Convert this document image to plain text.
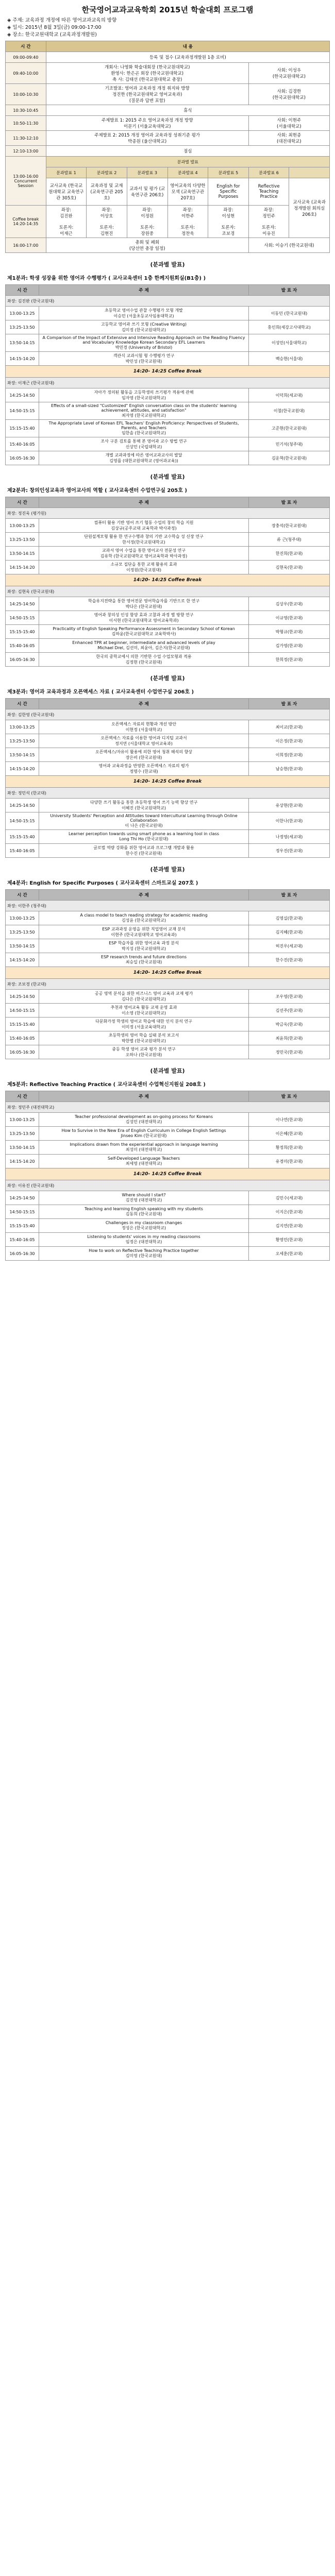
한국영어교과교육학회 2015년 학술대회 프로그램
◈ 주제: 교육과정 개정에 따른 영어교과교육의 방향
◈ 일시: 2015년 8월 3일(금) 09:00-17:00
◈ 장소: 한국교원대학교 (교육과정개발원)
시 간	내 용						
09:00-09:40	등록 및 접수 (교육과정개발원 1층 로비)						
09:40-10:00	개회사: 나영화 학술대회장 (한국교원대학교)
환영사: 한은곤 회장 (한국교원대학교)
축 사: 김태선 (한국교원대학교 총장)					사회: 이성우
(한국교원대학교)	
10:00-10:30	기조발표: 영어과 교육과정 개정 취지와 방향
정진한 (한국교원대학교 영어교육과)
(질문과 답변 포함)					사회: 김경한
(한국교원대학교)	
10:30-10:45	휴식						
10:50-11:30	주제발표 1: 2015 주요 영어교육과정 개정 방향
이문기 (서울교육대학교)					사회: 이현주
(서울대학교)	
11:30-12:10	주제발표 2: 2015 개정 영어과 교육과정 성취기준 평가
박종원 (울산대학교)					사회: 최현종
(대전대학교)	
12:10-13:00	점심						
13:00-16:00
Concurrent
Session	분과별 발표						
	분과발표 1	분과발표 2	분과발표 3	분과발표 4	분과발표 5	분과발표 6	
	교사교육 (한국교원대학교 교육연구관 305호)	교육과정 및 교재 (교육연구관 205호)	교과서 및 평가 (교육연구관 206호)	영어교육의 다양한 모색 (교육연구관 207호)	English for Specific Purposes	Reflective Teaching Practice	교사교육 (교육과정개발원 회의실 206호)
Coffee break
14:20-14:35	좌장:
김진완

토론자:
이재근	좌장:
이상호

토론자:
김현진	좌장:
이정원

토론자:
장원중	좌장:
이한주

토론자:
정찬욱	좌장:
이성현

토론자:
조보경	좌장:
정민주

토론자:
이유진	
16:00-17:00	총회 및 폐회
(당선연 총장 일정)					사회: 이승기 (한국교원대)	
(분과별 발표)
제1분과: 학생 성장을 위한 영어과 수행평가 ( 교사교육센터 1층 한께지원회실(B1층) )
시 간	주 제	발 표 자
좌장: 김진완 (한국교원대)		
13:00-13:25	초등학교 영어수업 관찰 수행평가 모형 개발
이승민 (서울초등교사임용대학교)	이동민 (한국교원대)
13:25-13:50	고등학교 영어과 쓰기 모형 (Creative Writing)
김미정 (한국교원대학교)	홍인희(세강고사대학교)
13:50-14:15	A Comparison of the Impact of Extensive and Intensive Reading Approach on the Reading Fluency and Vocabulary Knowledge Korean Secondary EFL Learners
박민경 (University of Bristol)	이성민(서울대학교)
14:15-14:20	객관식 교과시험 형 수행평가 연구
박민성 (한국교원대)	백승현(서울대)
14:20- 14:25 Coffee Break		
좌장: 이재근 (한국교원대)		
14:25-14:50	자아가 정의된 활동을 고등학생의 쓰기평가 적용에 관해
임자영 (한국교원대학교)	이덕희(세교대)
14:50-15:15	Effects of a small-sized "Customized" English conversation class on the students' learning achievement, attitudes, and satisfaction"
최자영 (한국교원대학교)	이철(한국교원대)
15:15-15:40	The Appropriate Level of Korean EFL Teachers' English Proficiency: Perspectives of Students, Parents, and Teachers
임한솔 (한국교원대학교)	고준현(한국교원대)
15:40-16:05	조사 구분 검토를 통해 본 영어과 교수 방법 연구
신상민 (국립대학교)	민기석(청주대)
16:05-16:30	개별 교과과정에 따른 영어교과교사의 발달
김영를 (대한교원대학교 (영어과교육))	김운혁(한국교원대)
(분과별 발표)
제2분과: 창의인성교육과 영어교사의 역할 ( 교사교육센터 수업연구실 205호 )
시 간	주 제	발 표 자
좌장: 정진욱 (평가원)		
13:00-13:25	컴퓨터 활용 기반 영어 쓰기 협동 수업의 창의 학습 지원
김상규(공주교대 교육학과 박사과정)	장충석(한국교원대)
13:25-13:50	단원설계모형 활용 한 연구수행과 창의 기반 교수학습 성 신장 연구
한서정(한국교원대학교)	류 근(청주대)
13:50-14:15	교과서 영어 수업을 통한 영어교사 전문성 연구
김유학 (한국교원대학교 영어교육학과 박사과정)	한진희(한교대)
14:15-14:20	소규모 집단을 통한 교재 활용의 효과
이정원(한국교원대)	김현욱(한교대)
14:20- 14:25 Coffee Break		
좌장: 김현욱 (한국교원대)		
14:25-14:50	학습유지전략을 통한 영어전문 영어학습자를 기반으로 한 연구
박다은 (한국교원대)	김상우(한교대)
14:50-15:15	영어과 창의성 인성 함양 효과 고찰과 과정 별 방향 연구
이서현 (한국교원대학교 영어교육학과)	이규영(한교대)
15:15-15:40	Practicality of English Speaking Performance Assessment in Secondary School of Korean
김하윤(한국교원대학교 교육학박사)	박형규(한교대)
15:40-16:05	Enhanced TPR at beginner, intermediate and advanced levels of play
Michael Drel, 김선미, 최윤아, 김은지(한국교원대)	김가영(한교대)
16:05-16:30	한국의 중학교에서 의한 기반한 수업 수업모형과 적용
김정현 (한국교원대)	한희정(한교대)
(분과별 발표)
제3분과: 영어과 교육과정과 오픈액세스 자료 ( 교사교육센터 수업연구실 206호 )
시 간	주 제	발 표 자
좌장: 김한영 (한국교원대)		
13:00-13:25	오픈액세스 자료의 현황과 개선 방안
이현정 (서울대학교)	최이교(한교대)
13:25-13:50	오픈액세스 자료를 이용한 영어과 디지털 교과서
정지연 (서울대학교 영어교육과)	이은정(한교대)
13:50-14:15	오픈액세스/자유이 활용에 의한 영어 청취 해석의 향상
장은비 (한국교원대)	이희정(한교대)
14:15-14:20	영어과 교육과정을 반영한 오픈액세스 자료의 평가
정명수 (한교대)	남승현(한교대)
14:20- 14:25 Coffee Break		
좌장: 정민석 (한교대)		
14:25-14:50	다양한 쓰기 활동을 통한 초등학생 영어 쓰기 능력 향상 연구
이혜진 (한국교원대학교)	유상현(한교대)
14:50-15:15	University Students' Perception and Attitudes toward Intercultural Learning through Online Collaboration
이 나은 (한국교원대)	이한나(한교대)
15:15-15:40	Learner perception towards using smart phone as a learning tool in class
Long Thi Ho (한국교원대)	나정영(세교대)
15:40-16:05	글로벌 역량 강화를 위한 영어교과 프로그램 개발과 활용
한수진 (한국교원대)	정우진(한교대)
(분과별 발표)
제4분과: English for Specific Purposes ( 교사교육센터 스마트교실 207호 )
시 간	주 제	발 표 자
좌장: 이한주 (청주대)		
13:00-13:25	A class model to teach reading strategy for academic reading
김성윤 (한국교원대학교)	김영실(한교대)
13:25-13:50	ESP 교과과정 운영을 위한 직업영어 교재 분석
이현주 (한국교원대학교 영어교육과)	김지혜(한교대)
13:50-14:15	ESP 학습자를 위한 영어교육 과정 분석
박지성 (한국교원대학교)	허진우(세교대)
14:15-14:20	ESP research trends and future directions
최승일 (한국교원대)	한수진(한교대)
14:20- 14:25 Coffee Break		
좌장: 조보경 (한교대)		
14:25-14:50	공공 영역 분석을 위한 비즈니스 영어 교육과 교재 평가
김다은 (한국교원대학교)	조우영(한교대)
14:50-15:15	추천과 영어교육 활동 교재 운영 효과
이소영 (한국교원대학교)	김선주(한교대)
15:15-15:40	다문화가정 학생의 영어교 학습에 대한 인식 분석 연구
이미정 (서울교육대학교)	박금옥(한교대)
15:40-16:05	초등학생의 영어 학습 실태 분석 보고서
박한별 (한국교원대학교)	최윤희(한교대)
16:05-16:30	중등 학생 영어 교과 평가 분석 연구
오하나 (한국교원대)	정민국(한교대)
(분과별 발표)
제5분과: Reflective Teaching Practice ( 교사교육센터 수업혁신지원실 208호 )
시 간	주 제	발 표 자
좌장: 정민주 (대전대학교)		
13:00-13:25	Teacher professional development as on-going process for Koreans
김성민 (대전대학교)	이나연(한교대)
13:25-13:50	How to Survive in the New Era of English Curriculum in College English Settings
Jinseo Kim (한국교원대)	이은혜(한교대)
13:50-14:15	Implications drawn from the experiential approach in language learning
최성미 (대전대학교)	황정희(한교대)
14:15-14:20	Self-Developed Language Teachers
최세영 (대전대학교)	유경미(한교대)
14:20- 14:25 Coffee Break		
좌장: 이유진 (한국교원대)		
14:25-14:50	Where should I start?
김진영 (대전대학교)	김민수(세교대)
14:50-15:15	Teaching and learning English speaking with my students
김동희 (한국교원대)	이지은(한교대)
15:15-15:40	Challenges in my classroom changes
정성은 (한국교원대학교)	김지연(한교대)
15:40-16:05	Listening to students' voices in my reading classrooms
임정은 (대전대학교)	황영민(한교대)
16:05-16:30	How to work on Reflective Teaching Practice together
김미영 (한국교원대)	오세훈(한교대)
